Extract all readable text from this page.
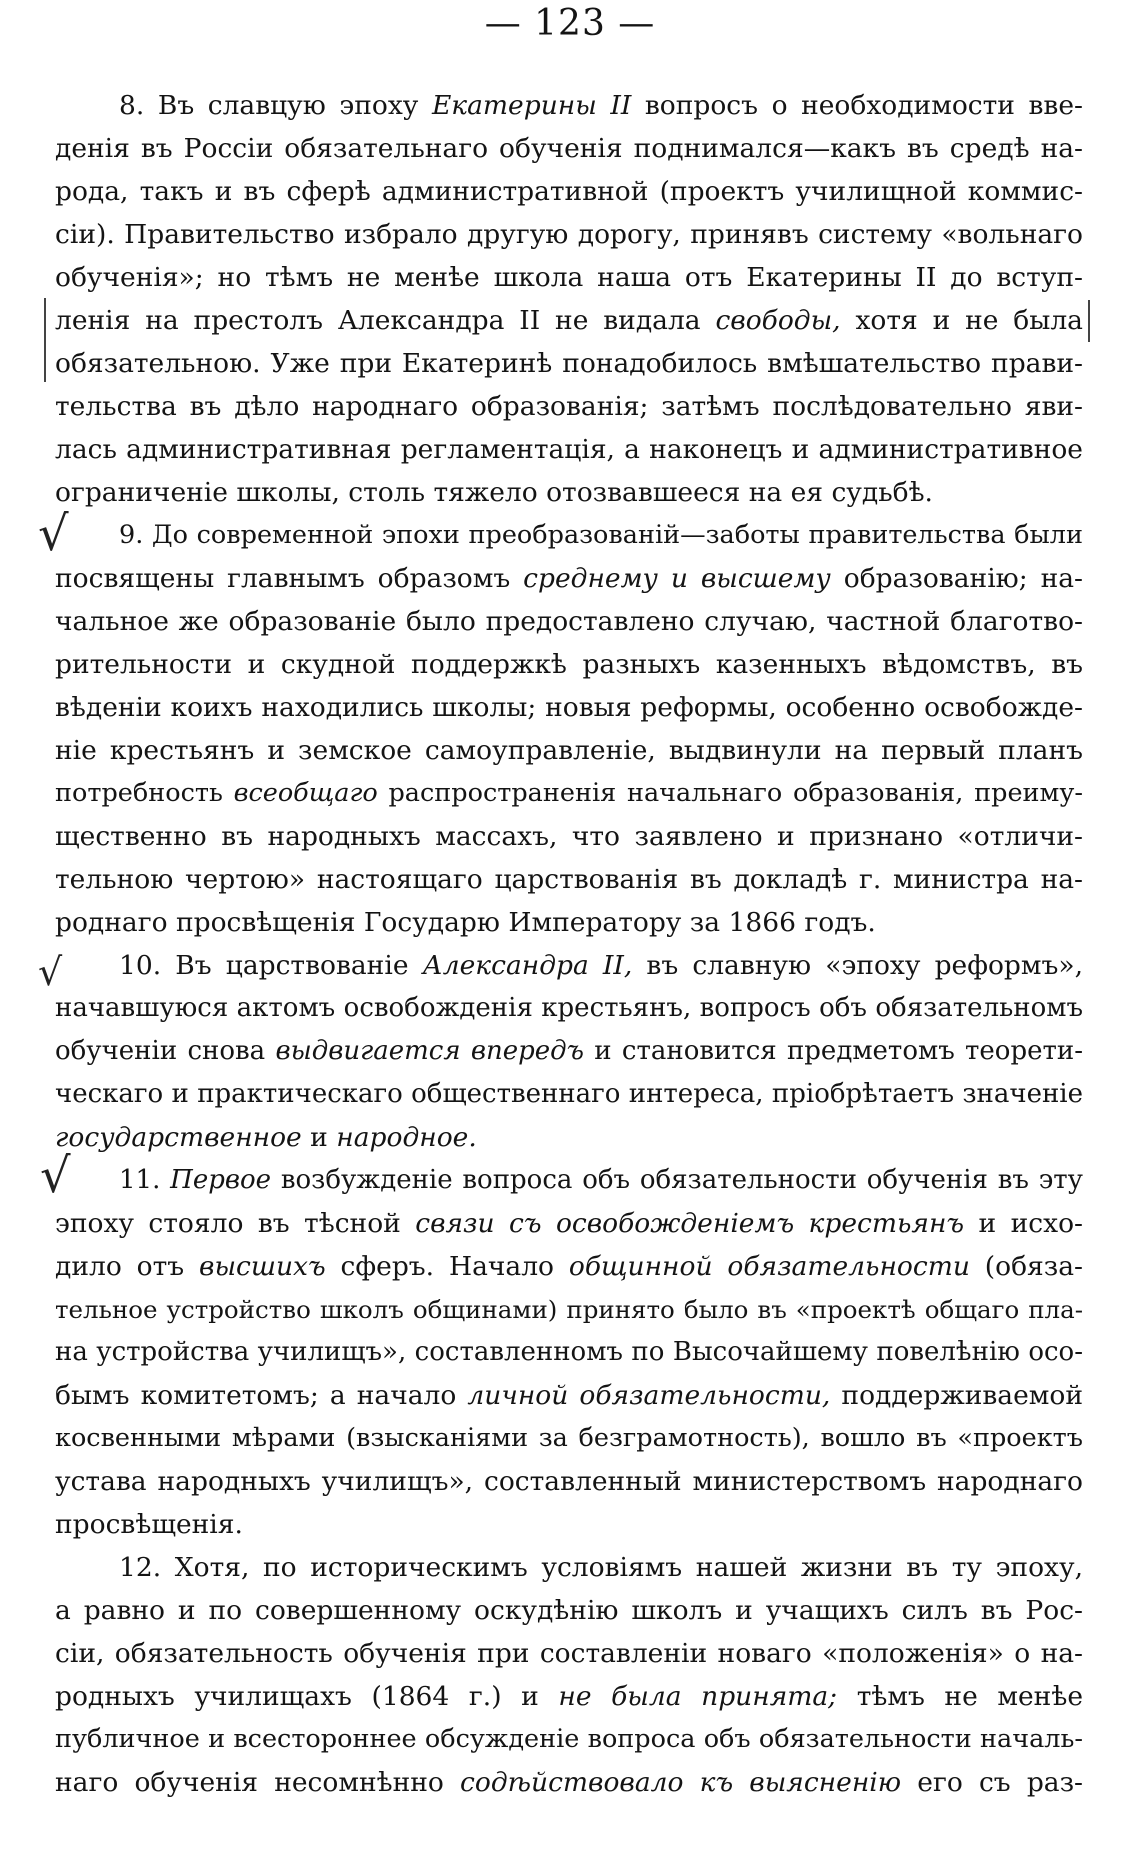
— 123 —
8. Въ славцую эпоху Екатерины II вопросъ о необходимости вве-
денія въ Россіи обязательнаго обученія поднимался—какъ въ средѣ на-
рода, такъ и въ сферѣ административной (проектъ училищной коммис-
сіи). Правительство избрало другую дорогу, принявъ систему «вольнаго
обученія»; но тѣмъ не менѣе школа наша отъ Екатерины II до вступ-
ленія на престолъ Александра II не видала свободы, хотя и не была
обязательною. Уже при Екатеринѣ понадобилось вмѣшательство прави-
тельства въ дѣло народнаго образованія; затѣмъ послѣдовательно яви-
лась административная регламентація, а наконецъ и административное
ограниченіе школы, столь тяжело отозвавшееся на ея судьбѣ.
9. До современной эпохи преобразованій—заботы правительства были
посвящены главнымъ образомъ среднему и высшему образованію; на-
чальное же образованіе было предоставлено случаю, частной благотво-
рительности и скудной поддержкѣ разныхъ казенныхъ вѣдомствъ, въ
вѣденіи коихъ находились школы; новыя реформы, особенно освобожде-
ніе крестьянъ и земское самоуправленіе, выдвинули на первый планъ
потребность всеобщаго распространенія начальнаго образованія, преиму-
щественно въ народныхъ массахъ, что заявлено и признано «отличи-
тельною чертою» настоящаго царствованія въ докладѣ г. министра на-
роднаго просвѣщенія Государю Императору за 1866 годъ.
10. Въ царствованіе Александра II, въ славную «эпоху реформъ»,
начавшуюся актомъ освобожденія крестьянъ, вопросъ объ обязательномъ
обученіи снова выдвигается впередъ и становится предметомъ теорети-
ческаго и практическаго общественнаго интереса, пріобрѣтаетъ значеніе
государственное и народное.
11. Первое возбужденіе вопроса объ обязательности обученія въ эту
эпоху стояло въ тѣсной связи съ освобожденіемъ крестьянъ и исхо-
дило отъ высшихъ сферъ. Начало общинной обязательности (обяза-
тельное устройство школъ общинами) принято было въ «проектѣ общаго пла-
на устройства училищъ», составленномъ по Высочайшему повелѣнію осо-
бымъ комитетомъ; а начало личной обязательности, поддерживаемой
косвенными мѣрами (взысканіями за безграмотность), вошло въ «проектъ
устава народныхъ училищъ», составленный министерствомъ народнаго
просвѣщенія.
12. Хотя, по историческимъ условіямъ нашей жизни въ ту эпоху,
а равно и по совершенному оскудѣнію школъ и учащихъ силъ въ Рос-
сіи, обязательность обученія при составленіи новаго «положенія» о на-
родныхъ училищахъ (1864 г.) и не была принята; тѣмъ не менѣе
публичное и всестороннее обсужденіе вопроса объ обязательности началь-
наго обученія несомнѣнно содѣйствовало къ выясненію его съ раз-
√
√
√
